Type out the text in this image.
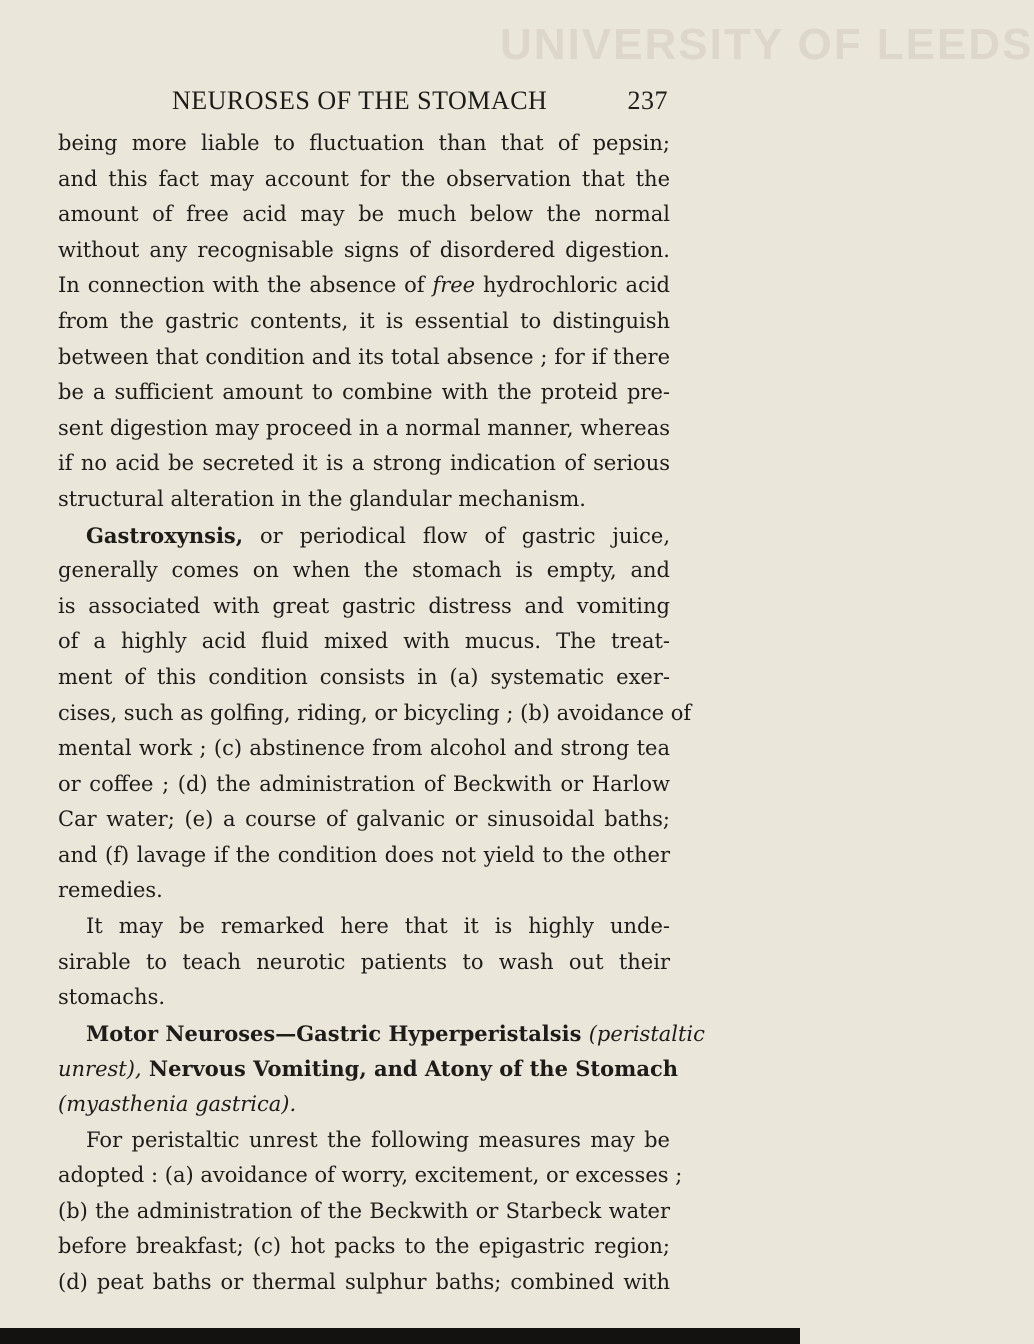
UNIVERSITY OF LEEDS
NEUROSES OF THE STOMACH	237
being more liable to fluctuation than that of pepsin;
and this fact may account for the observation that the
amount of free acid may be much below the normal
without any recognisable signs of disordered digestion.
In connection with the absence of free hydrochloric acid
from the gastric contents, it is essential to distinguish
between that condition and its total absence ; for if there
be a sufficient amount to combine with the proteid pre-
sent digestion may proceed in a normal manner, whereas
if no acid be secreted it is a strong indication of serious
structural alteration in the glandular mechanism.
Gastroxynsis, or periodical flow of gastric juice,
generally comes on when the stomach is empty, and
is associated with great gastric distress and vomiting
of a highly acid fluid mixed with mucus. The treat-
ment of this condition consists in (a) systematic exer-
cises, such as golfing, riding, or bicycling ; (b) avoidance of
mental work ; (c) abstinence from alcohol and strong tea
or coffee ; (d) the administration of Beckwith or Harlow
Car water; (e) a course of galvanic or sinusoidal baths;
and (f) lavage if the condition does not yield to the other
remedies.
It may be remarked here that it is highly unde-
sirable to teach neurotic patients to wash out their
stomachs.
Motor Neuroses—Gastric Hyperperistalsis (peristaltic
unrest), Nervous Vomiting, and Atony of the Stomach
(myasthenia gastrica).
For peristaltic unrest the following measures may be
adopted : (a) avoidance of worry, excitement, or excesses ;
(b) the administration of the Beckwith or Starbeck water
before breakfast; (c) hot packs to the epigastric region;
(d) peat baths or thermal sulphur baths; combined with
